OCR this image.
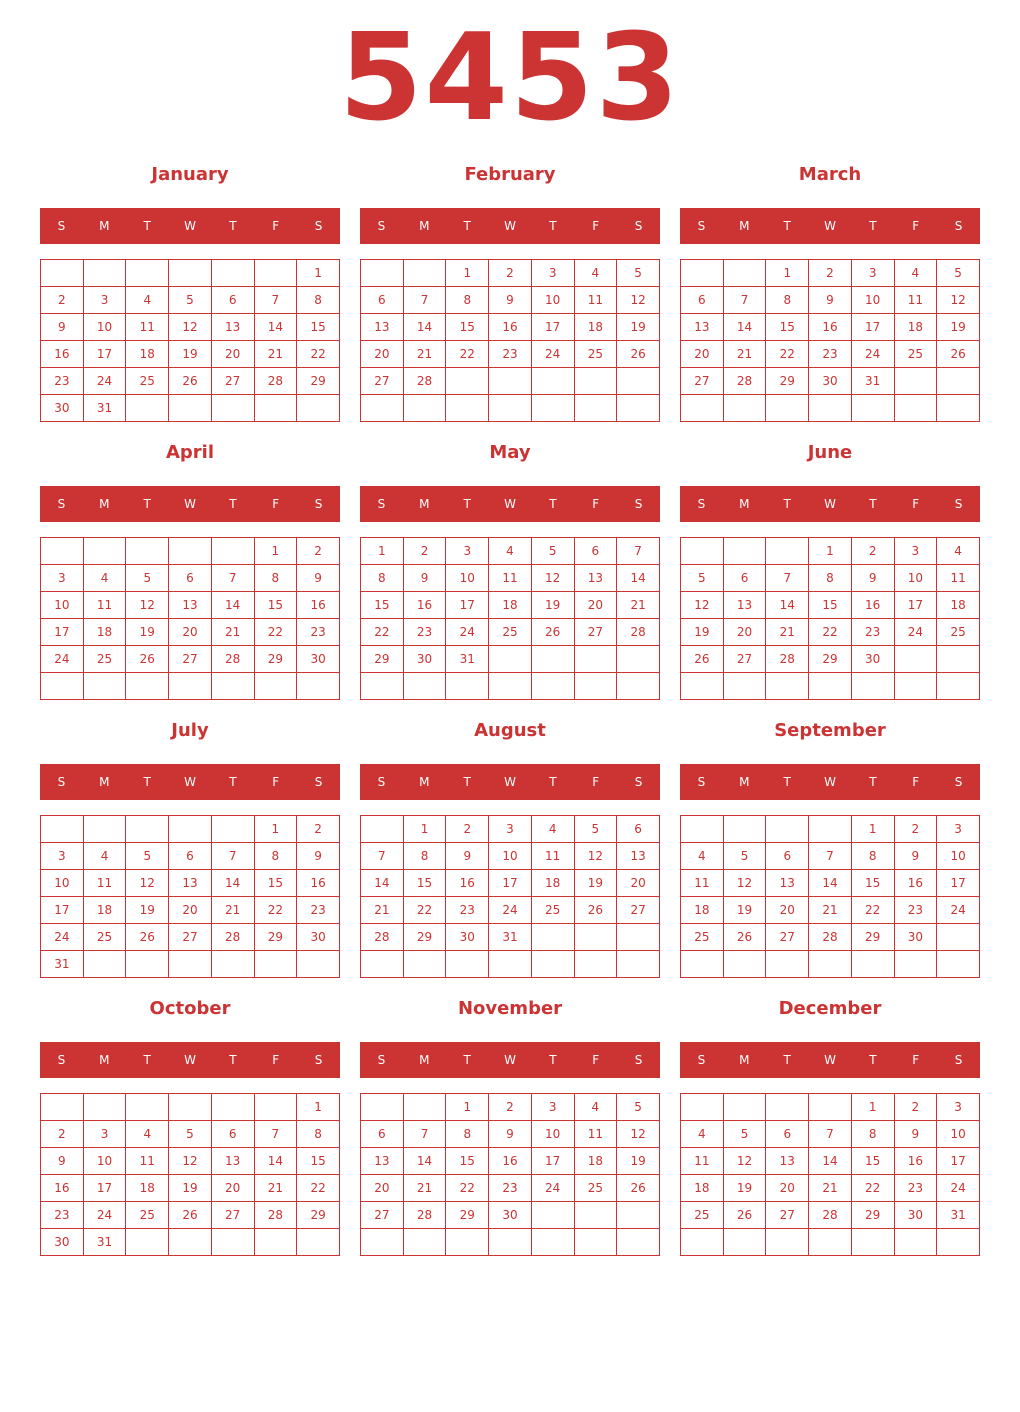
5453
January
S	M	T	W	T	F	S
						1
2	3	4	5	6	7	8
9	10	11	12	13	14	15
16	17	18	19	20	21	22
23	24	25	26	27	28	29
30	31					
February
S	M	T	W	T	F	S
		1	2	3	4	5
6	7	8	9	10	11	12
13	14	15	16	17	18	19
20	21	22	23	24	25	26
27	28					

March
S	M	T	W	T	F	S
		1	2	3	4	5
6	7	8	9	10	11	12
13	14	15	16	17	18	19
20	21	22	23	24	25	26
27	28	29	30	31		

April
S	M	T	W	T	F	S
					1	2
3	4	5	6	7	8	9
10	11	12	13	14	15	16
17	18	19	20	21	22	23
24	25	26	27	28	29	30

May
S	M	T	W	T	F	S
1	2	3	4	5	6	7
8	9	10	11	12	13	14
15	16	17	18	19	20	21
22	23	24	25	26	27	28
29	30	31				

June
S	M	T	W	T	F	S
			1	2	3	4
5	6	7	8	9	10	11
12	13	14	15	16	17	18
19	20	21	22	23	24	25
26	27	28	29	30		

July
S	M	T	W	T	F	S
					1	2
3	4	5	6	7	8	9
10	11	12	13	14	15	16
17	18	19	20	21	22	23
24	25	26	27	28	29	30
31						
August
S	M	T	W	T	F	S
	1	2	3	4	5	6
7	8	9	10	11	12	13
14	15	16	17	18	19	20
21	22	23	24	25	26	27
28	29	30	31			

September
S	M	T	W	T	F	S
				1	2	3
4	5	6	7	8	9	10
11	12	13	14	15	16	17
18	19	20	21	22	23	24
25	26	27	28	29	30	

October
S	M	T	W	T	F	S
						1
2	3	4	5	6	7	8
9	10	11	12	13	14	15
16	17	18	19	20	21	22
23	24	25	26	27	28	29
30	31					
November
S	M	T	W	T	F	S
		1	2	3	4	5
6	7	8	9	10	11	12
13	14	15	16	17	18	19
20	21	22	23	24	25	26
27	28	29	30			

December
S	M	T	W	T	F	S
				1	2	3
4	5	6	7	8	9	10
11	12	13	14	15	16	17
18	19	20	21	22	23	24
25	26	27	28	29	30	31
